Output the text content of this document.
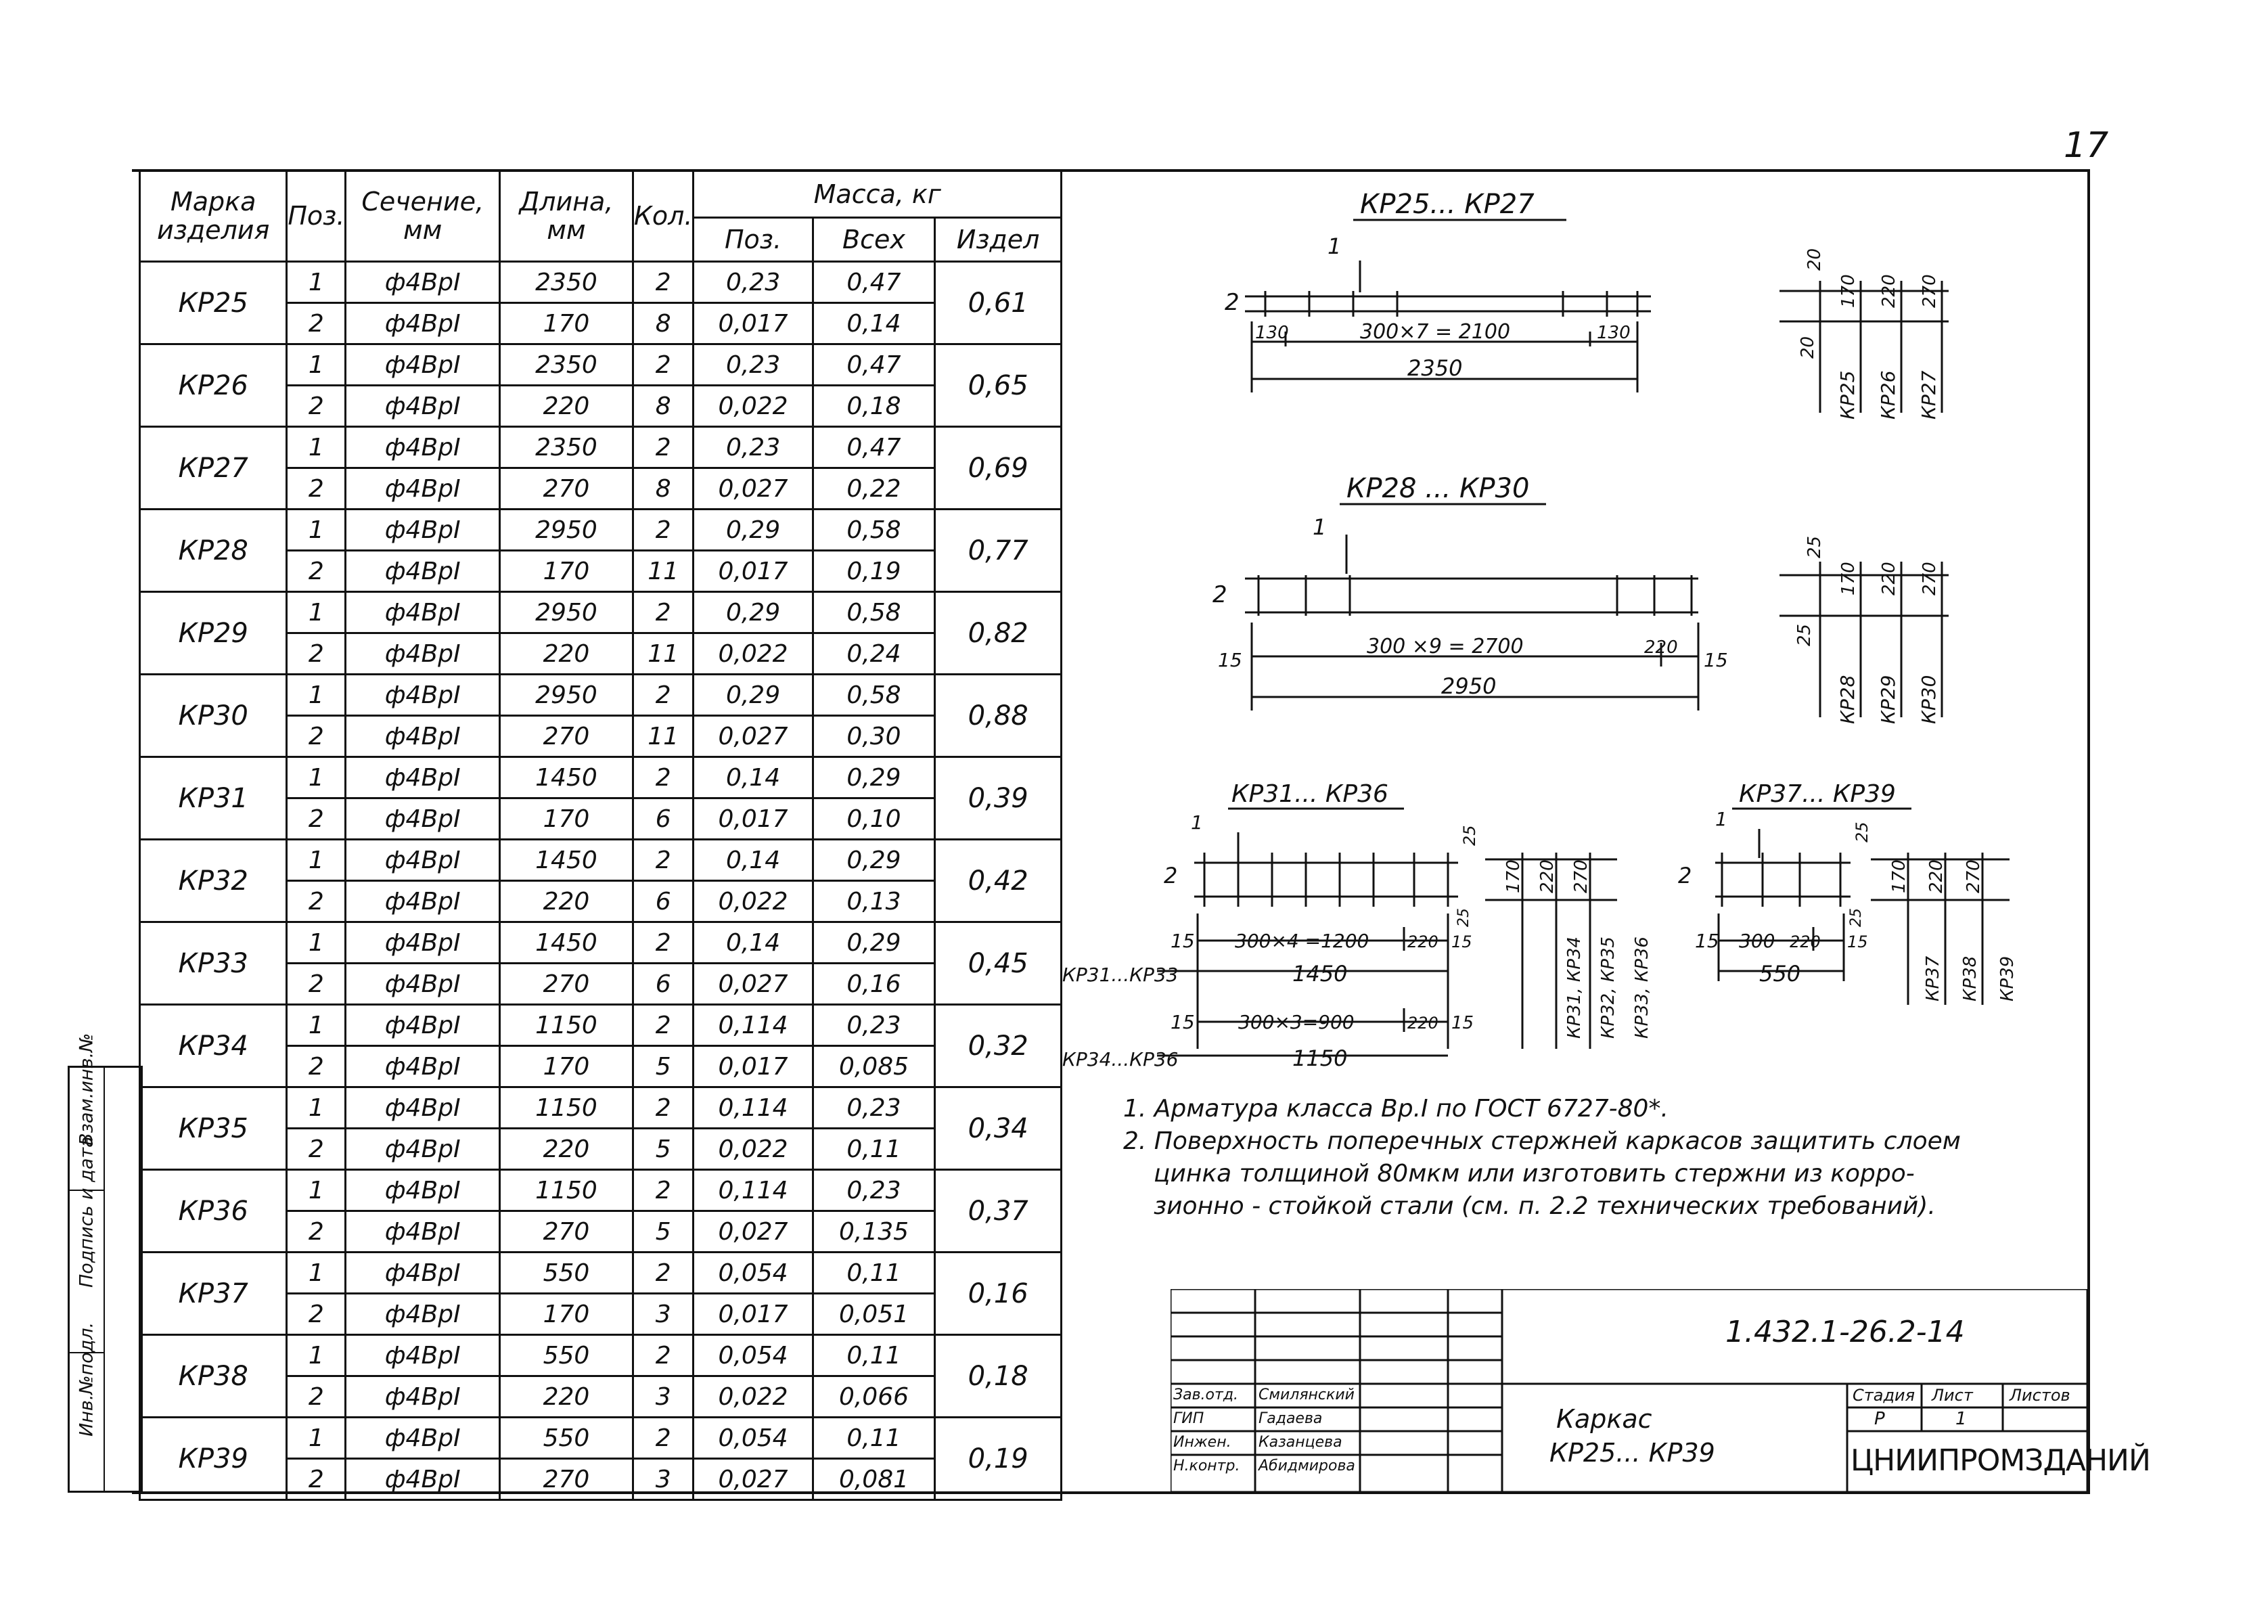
17
Взам.инв.№
Подпись и дата
Инв.№подл.
Марка изделия	Поз.	Сечение, мм	Длина, мм	Кол.	Масса, кг		
					Поз.	Всех	Издел
КР25	1	ф4ВрI	2350	2	0,23	0,47	0,61
	2	ф4ВрI	170	8	0,017	0,14	
КР26	1	ф4ВрI	2350	2	0,23	0,47	0,65
	2	ф4ВрI	220	8	0,022	0,18	
КР27	1	ф4ВрI	2350	2	0,23	0,47	0,69
	2	ф4ВрI	270	8	0,027	0,22	
КР28	1	ф4ВрI	2950	2	0,29	0,58	0,77
	2	ф4ВрI	170	11	0,017	0,19	
КР29	1	ф4ВрI	2950	2	0,29	0,58	0,82
	2	ф4ВрI	220	11	0,022	0,24	
КР30	1	ф4ВрI	2950	2	0,29	0,58	0,88
	2	ф4ВрI	270	11	0,027	0,30	
КР31	1	ф4ВрI	1450	2	0,14	0,29	0,39
	2	ф4ВрI	170	6	0,017	0,10	
КР32	1	ф4ВрI	1450	2	0,14	0,29	0,42
	2	ф4ВрI	220	6	0,022	0,13	
КР33	1	ф4ВрI	1450	2	0,14	0,29	0,45
	2	ф4ВрI	270	6	0,027	0,16	
КР34	1	ф4ВрI	1150	2	0,114	0,23	0,32
	2	ф4ВрI	170	5	0,017	0,085	
КР35	1	ф4ВрI	1150	2	0,114	0,23	0,34
	2	ф4ВрI	220	5	0,022	0,11	
КР36	1	ф4ВрI	1150	2	0,114	0,23	0,37
	2	ф4ВрI	270	5	0,027	0,135	
КР37	1	ф4ВрI	550	2	0,054	0,11	0,16
	2	ф4ВрI	170	3	0,017	0,051	
КР38	1	ф4ВрI	550	2	0,054	0,11	0,18
	2	ф4ВрI	220	3	0,022	0,066	
КР39	1	ф4ВрI	550	2	0,054	0,11	0,19
	2	ф4ВрI	270	3	0,027	0,081	
КР25... КР27
1
2
130	300×7 = 2100	130
2350
20
20
170 220 270
КР25 КР26 КР27
КР28 ... КР30
1
2
15
300 ×9 = 2700	220
15
2950
25
25
170 220 270
КР28 КР29 КР30
КР31... КР36
1
2
25
25
170 220 270
15 300×4 =1200 220 15
КР31...КР33	1450
15 300×3=900	220 15
КР34...КР36	1150
КР31, КР34 КР32, КР35 КР33, КР36
КР37... КР39
1
2
25
25
170 220 270
15 300 220 15
550	КР37 КР38 КР39
1. Арматура класса Вр.I по ГОСТ 6727-80*.
2. Поверхность поперечных стержней каркасов защитить слоем
цинка толщиной 80мкм или изготовить стержни из корро-
зионно - стойкой стали (см. п. 2.2 технических требований).
1.432.1-26.2-14
Каркас
КР25... КР39
Стадия Лист Листов
Р	1
ЦНИИПРОМЗДАНИЙ
Зав.отд. Смилянский
ГИП	Гадаева
Инжен. Казанцева
Н.контр. Абидмирова
